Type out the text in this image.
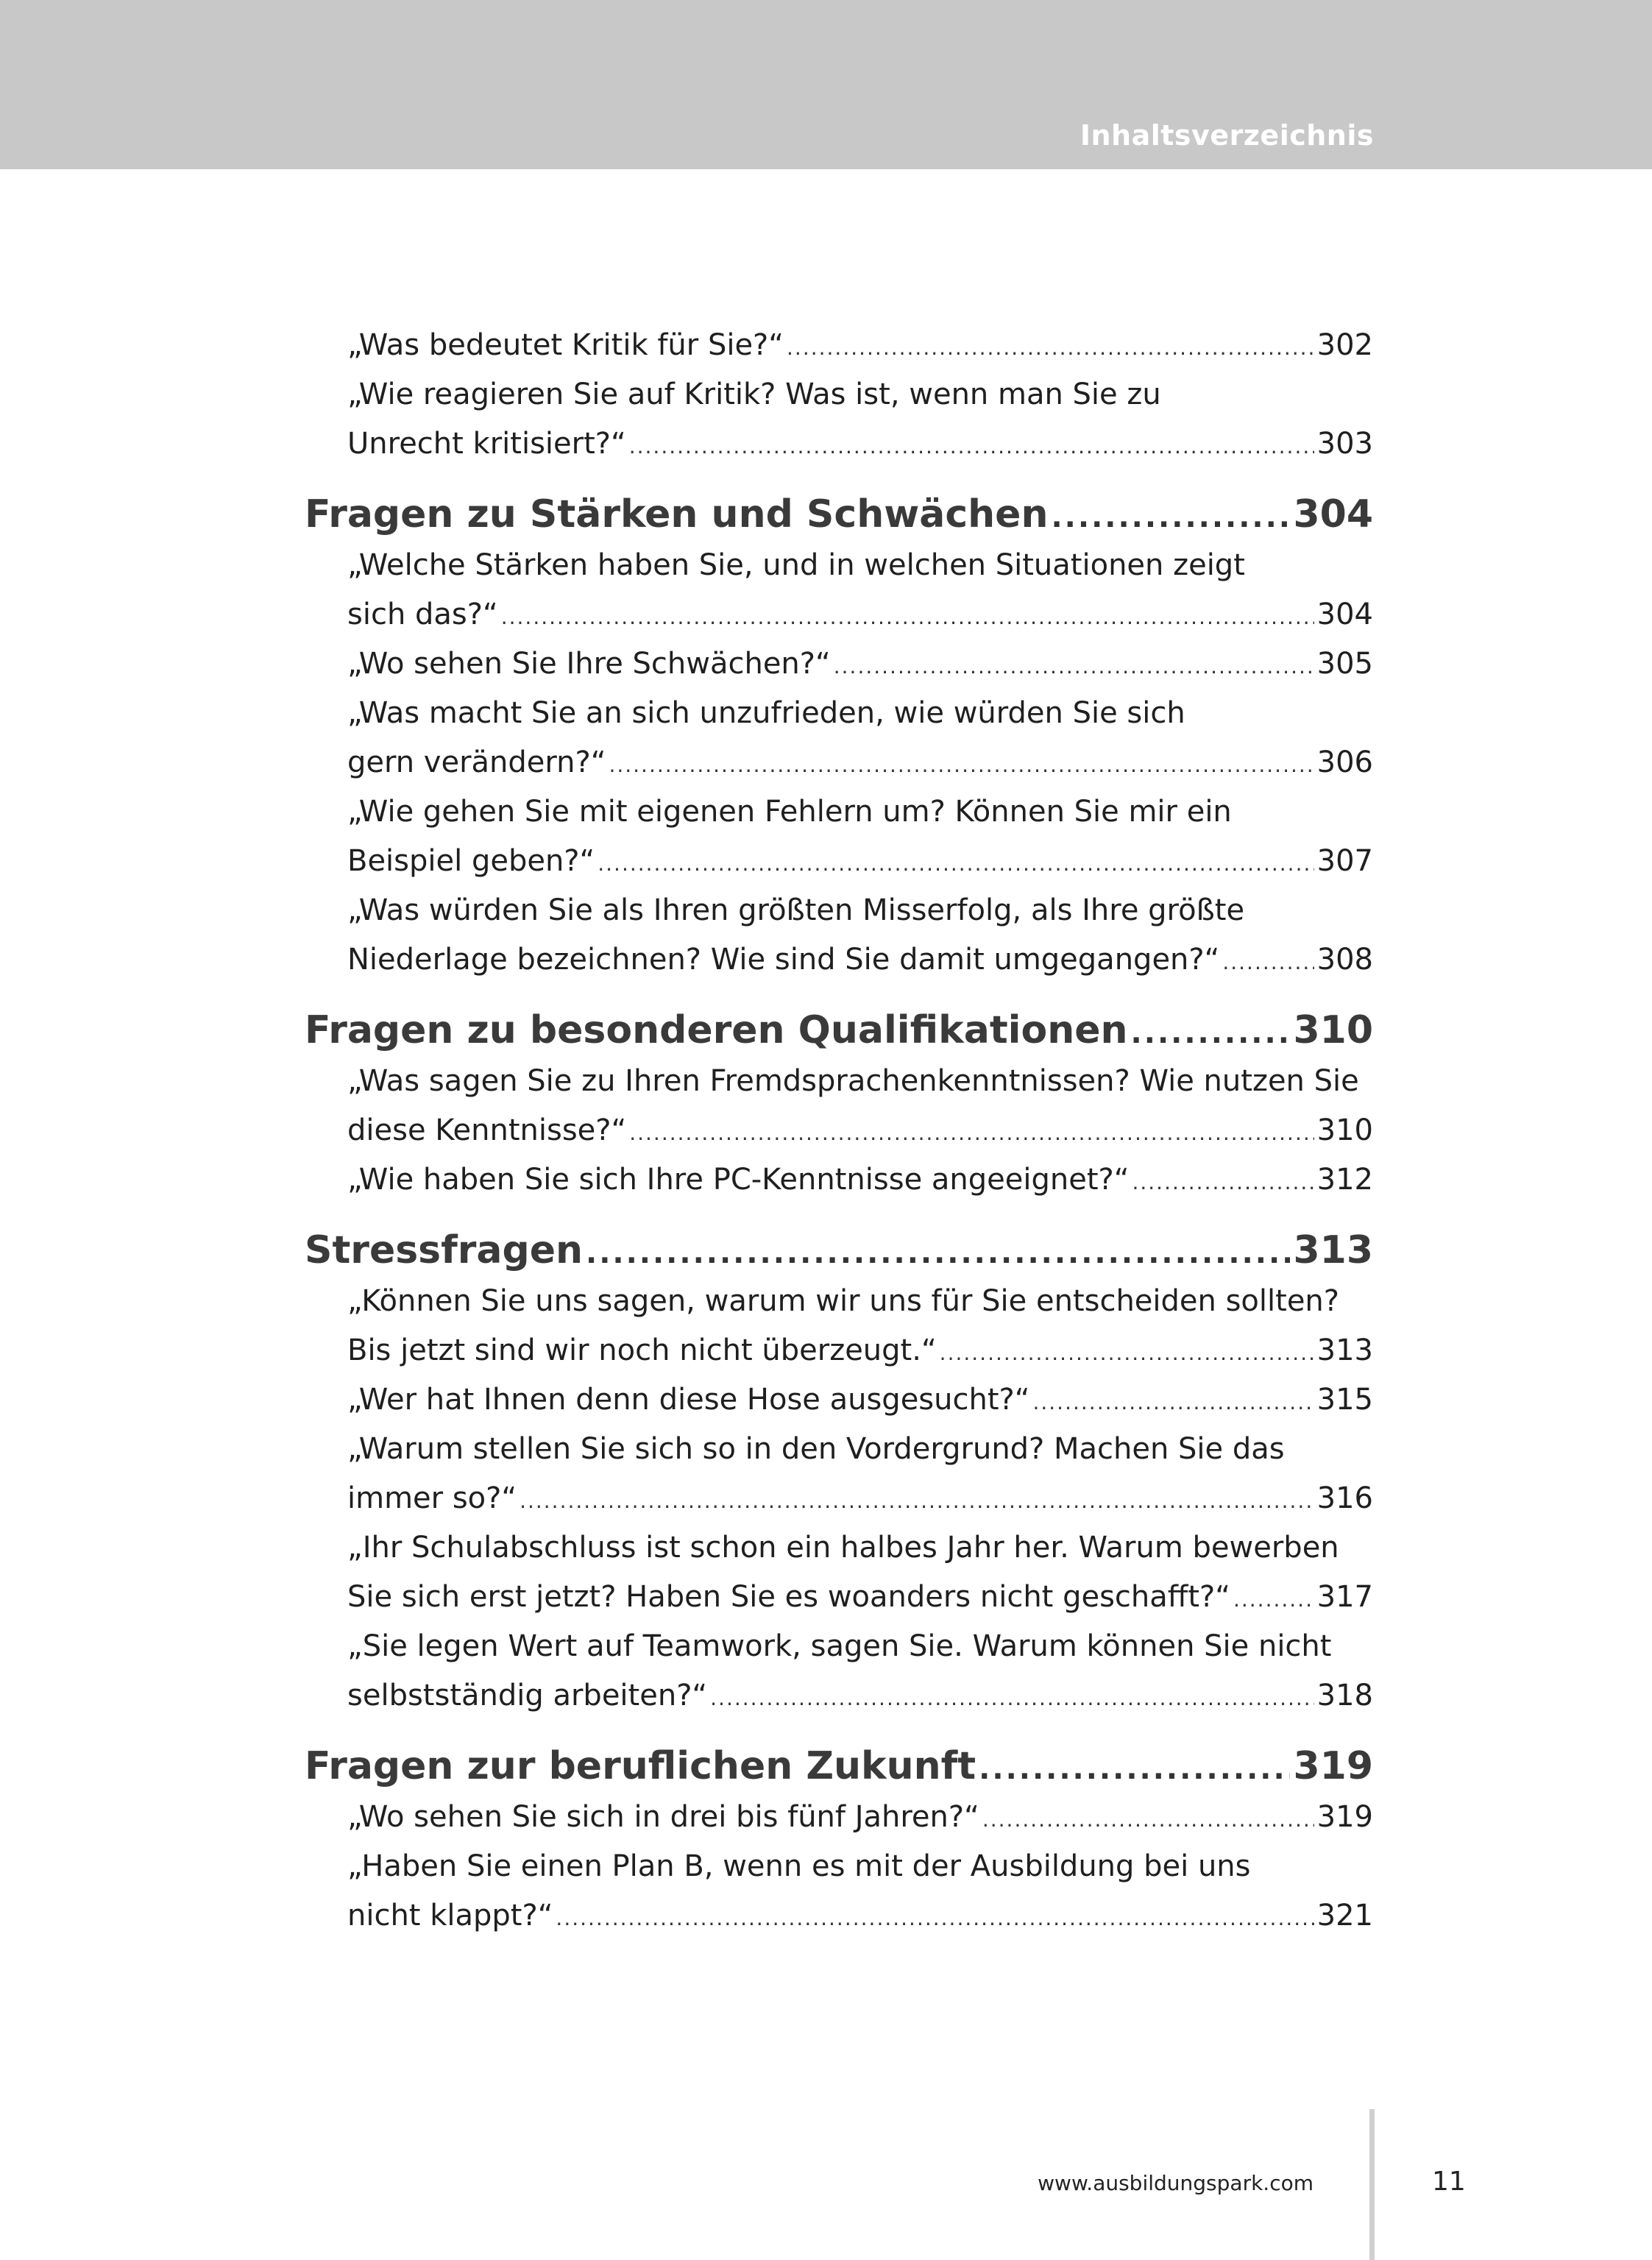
Inhaltsverzeichnis
„Was bedeutet Kritik für Sie?“ .....	302
„Wie reagieren Sie auf Kritik? Was ist, wenn man Sie zu
Unrecht kritisiert?“ .....	303
Fragen zu Stärken und Schwächen .....	304
„Welche Stärken haben Sie, und in welchen Situationen zeigt
sich das?“ .....	304
„Wo sehen Sie Ihre Schwächen?“ .....	305
„Was macht Sie an sich unzufrieden, wie würden Sie sich
gern verändern?“ .....	306
„Wie gehen Sie mit eigenen Fehlern um? Können Sie mir ein
Beispiel geben?“ .....	307
„Was würden Sie als Ihren größten Misserfolg, als Ihre größte
Niederlage bezeichnen? Wie sind Sie damit umgegangen?“ .....	308
Fragen zu besonderen Qualifikationen .....	310
„Was sagen Sie zu Ihren Fremdsprachenkenntnissen? Wie nutzen Sie
diese Kenntnisse?“ .....	310
„Wie haben Sie sich Ihre PC-Kenntnisse angeeignet?“ .....	312
Stressfragen .....	313
„Können Sie uns sagen, warum wir uns für Sie entscheiden sollten?
Bis jetzt sind wir noch nicht überzeugt.“ .....	313
„Wer hat Ihnen denn diese Hose ausgesucht?“ .....	315
„Warum stellen Sie sich so in den Vordergrund? Machen Sie das
immer so?“ .....	316
„Ihr Schulabschluss ist schon ein halbes Jahr her. Warum bewerben
Sie sich erst jetzt? Haben Sie es woanders nicht geschafft?“ .....	317
„Sie legen Wert auf Teamwork, sagen Sie. Warum können Sie nicht
selbstständig arbeiten?“ .....	318
Fragen zur beruflichen Zukunft .....	319
„Wo sehen Sie sich in drei bis fünf Jahren?“ .....	319
„Haben Sie einen Plan B, wenn es mit der Ausbildung bei uns
nicht klappt?“ .....	321
www.ausbildungspark.com	11
